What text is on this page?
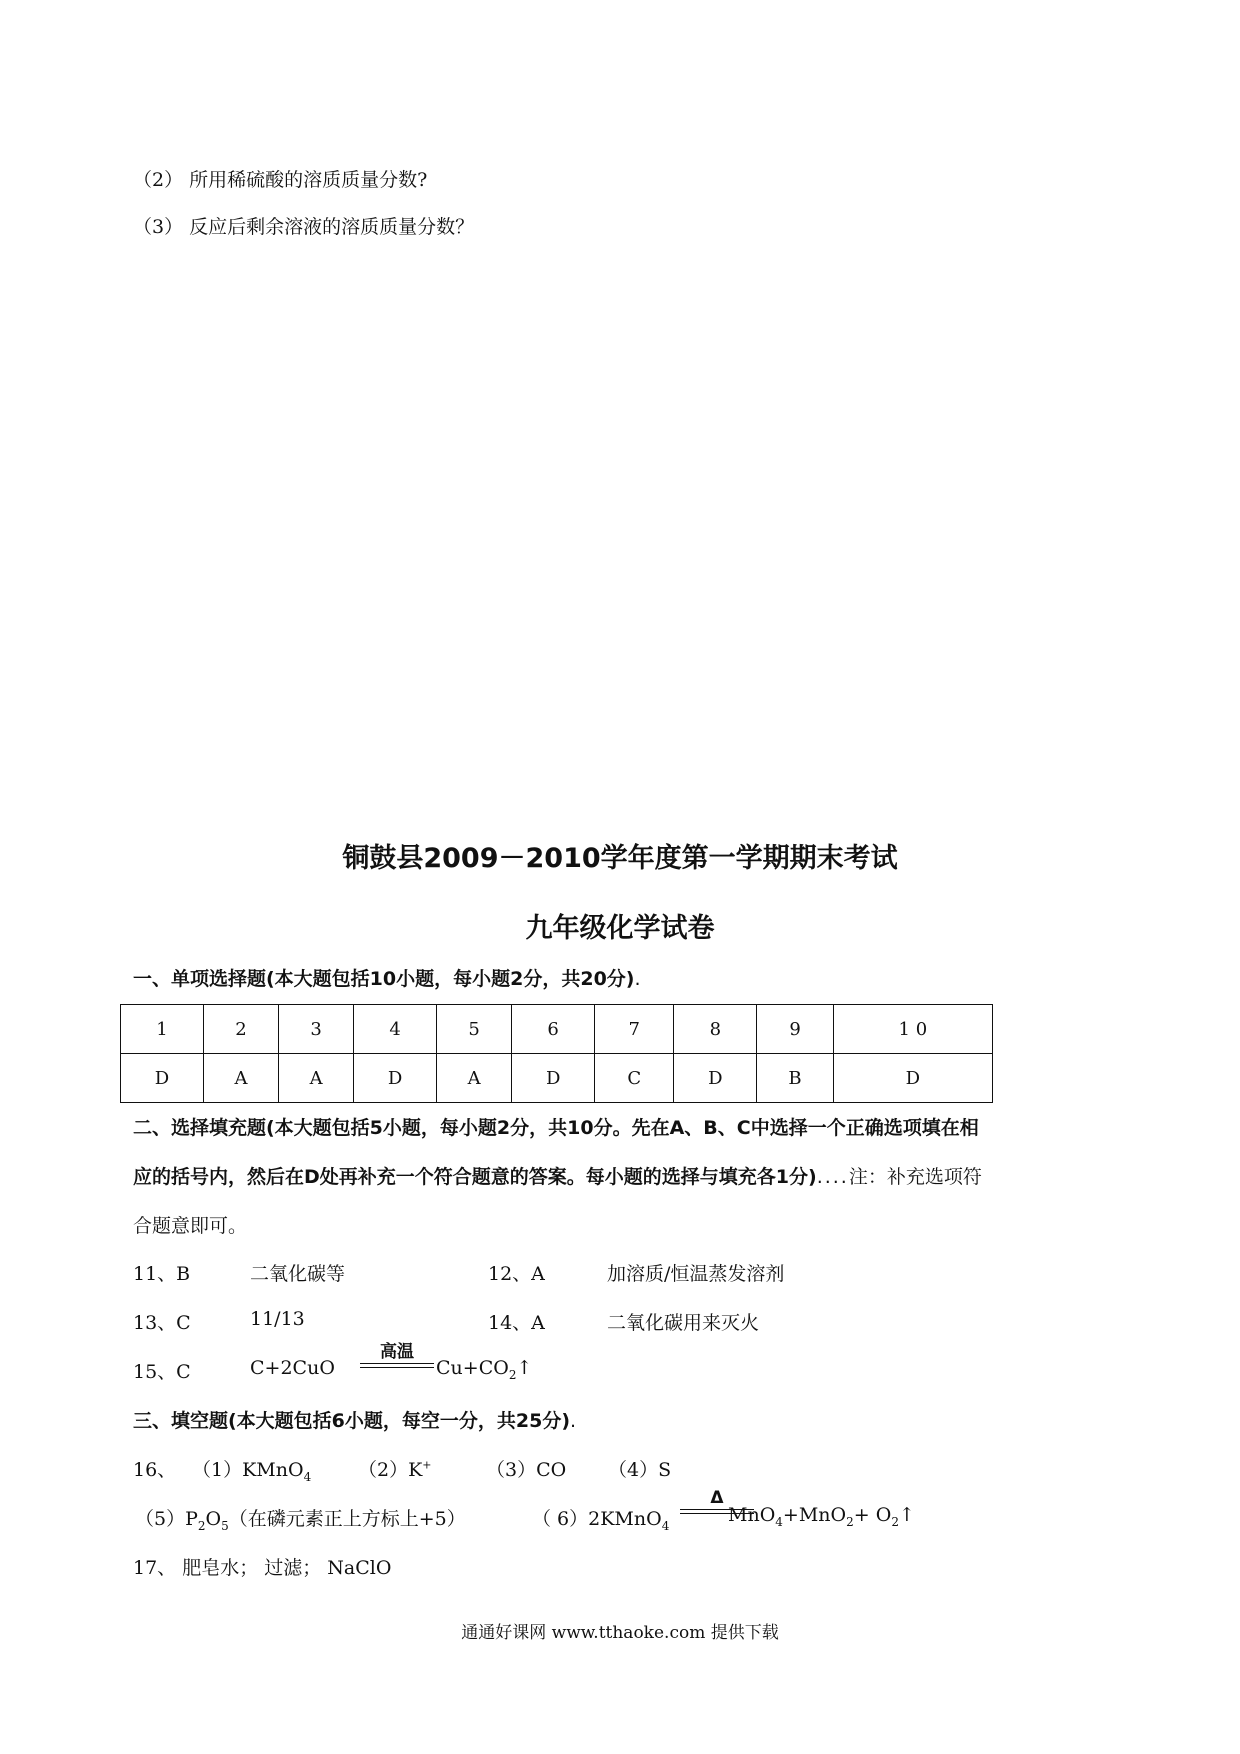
（2） 所用稀硫酸的溶质质量分数?
（3） 反应后剩余溶液的溶质质量分数？
铜鼓县2009－2010学年度第一学期期末考试
九年级化学试卷
一、单项选择题(本大题包括10小题，每小题2分，共20分).
1	2	3	4	5	6	7	8	9	1 0
D	A	A	D	A	D	C	D	B	D
二、选择填充题(本大题包括5小题，每小题2分，共10分。先在A、B、C中选择一个正确选项填在相
应的括号内，然后在D处再补充一个符合题意的答案。每小题的选择与填充各1分)....注：补充选项符
合题意即可。
11、B	二氧化碳等	12、A	加溶质/恒温蒸发溶剂
13、C	11/13	14、A	二氧化碳用来灭火
15、C	C+2CuO
高温
$Cu+CO_2↑$
三、填空题(本大题包括6小题，每空一分，共25分).
16、 （1）KMnO$_4$ （2）K+	（3）CO （4）S
$(5)P_2O_5$（在磷元素正上方标上+5）	（ 6）2KMnO$_4$
Δ
$MnO_4+MnO_2+ O_2↑$
17、 肥皂水； 过滤； NaClO
通通好课网 www.tthaoke.com 提供下载
